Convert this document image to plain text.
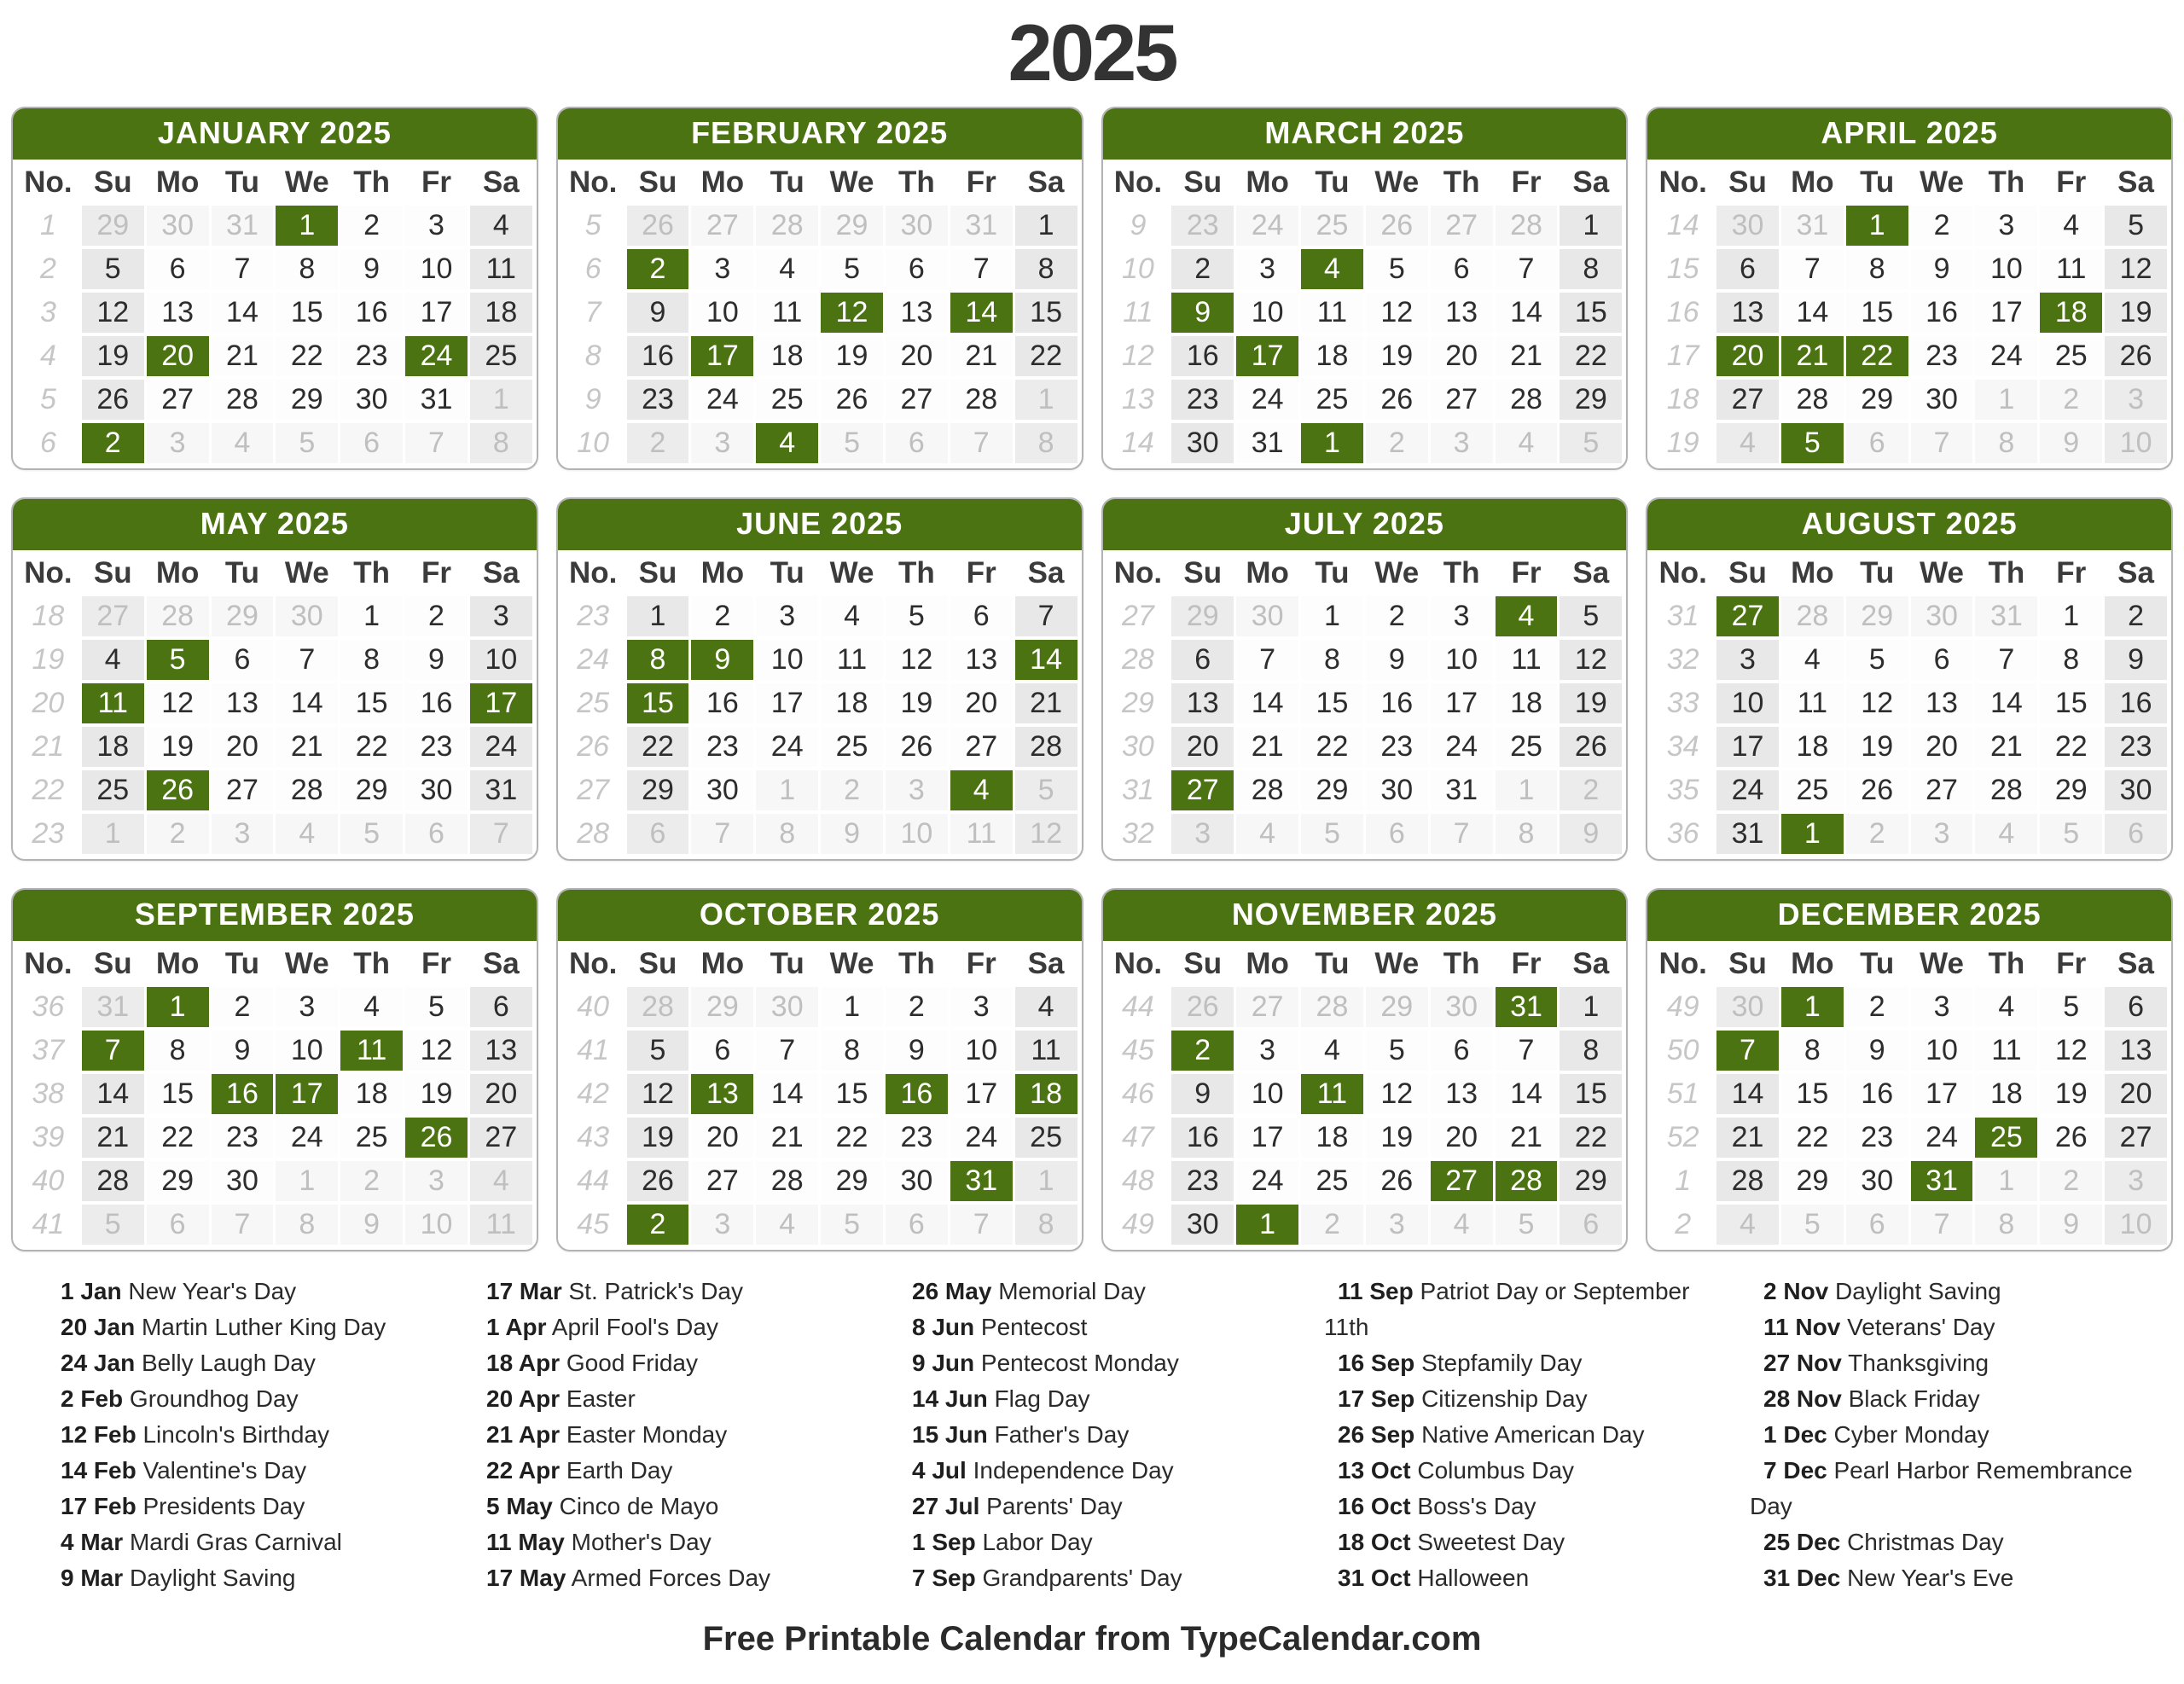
2025
JANUARY 2025
No.	Su	Mo	Tu	We	Th	Fr	Sa
1	29	30	31	1	2	3	4
2	5	6	7	8	9	10	11
3	12	13	14	15	16	17	18
4	19	20	21	22	23	24	25
5	26	27	28	29	30	31	1
6	2	3	4	5	6	7	8
FEBRUARY 2025
No.	Su	Mo	Tu	We	Th	Fr	Sa
5	26	27	28	29	30	31	1
6	2	3	4	5	6	7	8
7	9	10	11	12	13	14	15
8	16	17	18	19	20	21	22
9	23	24	25	26	27	28	1
10	2	3	4	5	6	7	8
MARCH 2025
No.	Su	Mo	Tu	We	Th	Fr	Sa
9	23	24	25	26	27	28	1
10	2	3	4	5	6	7	8
11	9	10	11	12	13	14	15
12	16	17	18	19	20	21	22
13	23	24	25	26	27	28	29
14	30	31	1	2	3	4	5
APRIL 2025
No.	Su	Mo	Tu	We	Th	Fr	Sa
14	30	31	1	2	3	4	5
15	6	7	8	9	10	11	12
16	13	14	15	16	17	18	19
17	20	21	22	23	24	25	26
18	27	28	29	30	1	2	3
19	4	5	6	7	8	9	10
MAY 2025
No.	Su	Mo	Tu	We	Th	Fr	Sa
18	27	28	29	30	1	2	3
19	4	5	6	7	8	9	10
20	11	12	13	14	15	16	17
21	18	19	20	21	22	23	24
22	25	26	27	28	29	30	31
23	1	2	3	4	5	6	7
JUNE 2025
No.	Su	Mo	Tu	We	Th	Fr	Sa
23	1	2	3	4	5	6	7
24	8	9	10	11	12	13	14
25	15	16	17	18	19	20	21
26	22	23	24	25	26	27	28
27	29	30	1	2	3	4	5
28	6	7	8	9	10	11	12
JULY 2025
No.	Su	Mo	Tu	We	Th	Fr	Sa
27	29	30	1	2	3	4	5
28	6	7	8	9	10	11	12
29	13	14	15	16	17	18	19
30	20	21	22	23	24	25	26
31	27	28	29	30	31	1	2
32	3	4	5	6	7	8	9
AUGUST 2025
No.	Su	Mo	Tu	We	Th	Fr	Sa
31	27	28	29	30	31	1	2
32	3	4	5	6	7	8	9
33	10	11	12	13	14	15	16
34	17	18	19	20	21	22	23
35	24	25	26	27	28	29	30
36	31	1	2	3	4	5	6
SEPTEMBER 2025
No.	Su	Mo	Tu	We	Th	Fr	Sa
36	31	1	2	3	4	5	6
37	7	8	9	10	11	12	13
38	14	15	16	17	18	19	20
39	21	22	23	24	25	26	27
40	28	29	30	1	2	3	4
41	5	6	7	8	9	10	11
OCTOBER 2025
No.	Su	Mo	Tu	We	Th	Fr	Sa
40	28	29	30	1	2	3	4
41	5	6	7	8	9	10	11
42	12	13	14	15	16	17	18
43	19	20	21	22	23	24	25
44	26	27	28	29	30	31	1
45	2	3	4	5	6	7	8
NOVEMBER 2025
No.	Su	Mo	Tu	We	Th	Fr	Sa
44	26	27	28	29	30	31	1
45	2	3	4	5	6	7	8
46	9	10	11	12	13	14	15
47	16	17	18	19	20	21	22
48	23	24	25	26	27	28	29
49	30	1	2	3	4	5	6
DECEMBER 2025
No.	Su	Mo	Tu	We	Th	Fr	Sa
49	30	1	2	3	4	5	6
50	7	8	9	10	11	12	13
51	14	15	16	17	18	19	20
52	21	22	23	24	25	26	27
1	28	29	30	31	1	2	3
2	4	5	6	7	8	9	10
1 Jan New Year's Day
20 Jan Martin Luther King Day
24 Jan Belly Laugh Day
2 Feb Groundhog Day
12 Feb Lincoln's Birthday
14 Feb Valentine's Day
17 Feb Presidents Day
4 Mar Mardi Gras Carnival
9 Mar Daylight Saving
17 Mar St. Patrick's Day
1 Apr April Fool's Day
18 Apr Good Friday
20 Apr Easter
21 Apr Easter Monday
22 Apr Earth Day
5 May Cinco de Mayo
11 May Mother's Day
17 May Armed Forces Day
26 May Memorial Day
8 Jun Pentecost
9 Jun Pentecost Monday
14 Jun Flag Day
15 Jun Father's Day
4 Jul Independence Day
27 Jul Parents' Day
1 Sep Labor Day
7 Sep Grandparents' Day
11 Sep Patriot Day or September 11th
16 Sep Stepfamily Day
17 Sep Citizenship Day
26 Sep Native American Day
13 Oct Columbus Day
16 Oct Boss's Day
18 Oct Sweetest Day
31 Oct Halloween
2 Nov Daylight Saving
11 Nov Veterans' Day
27 Nov Thanksgiving
28 Nov Black Friday
1 Dec Cyber Monday
7 Dec Pearl Harbor Remembrance Day
25 Dec Christmas Day
31 Dec New Year's Eve
Free Printable Calendar from TypeCalendar.com
